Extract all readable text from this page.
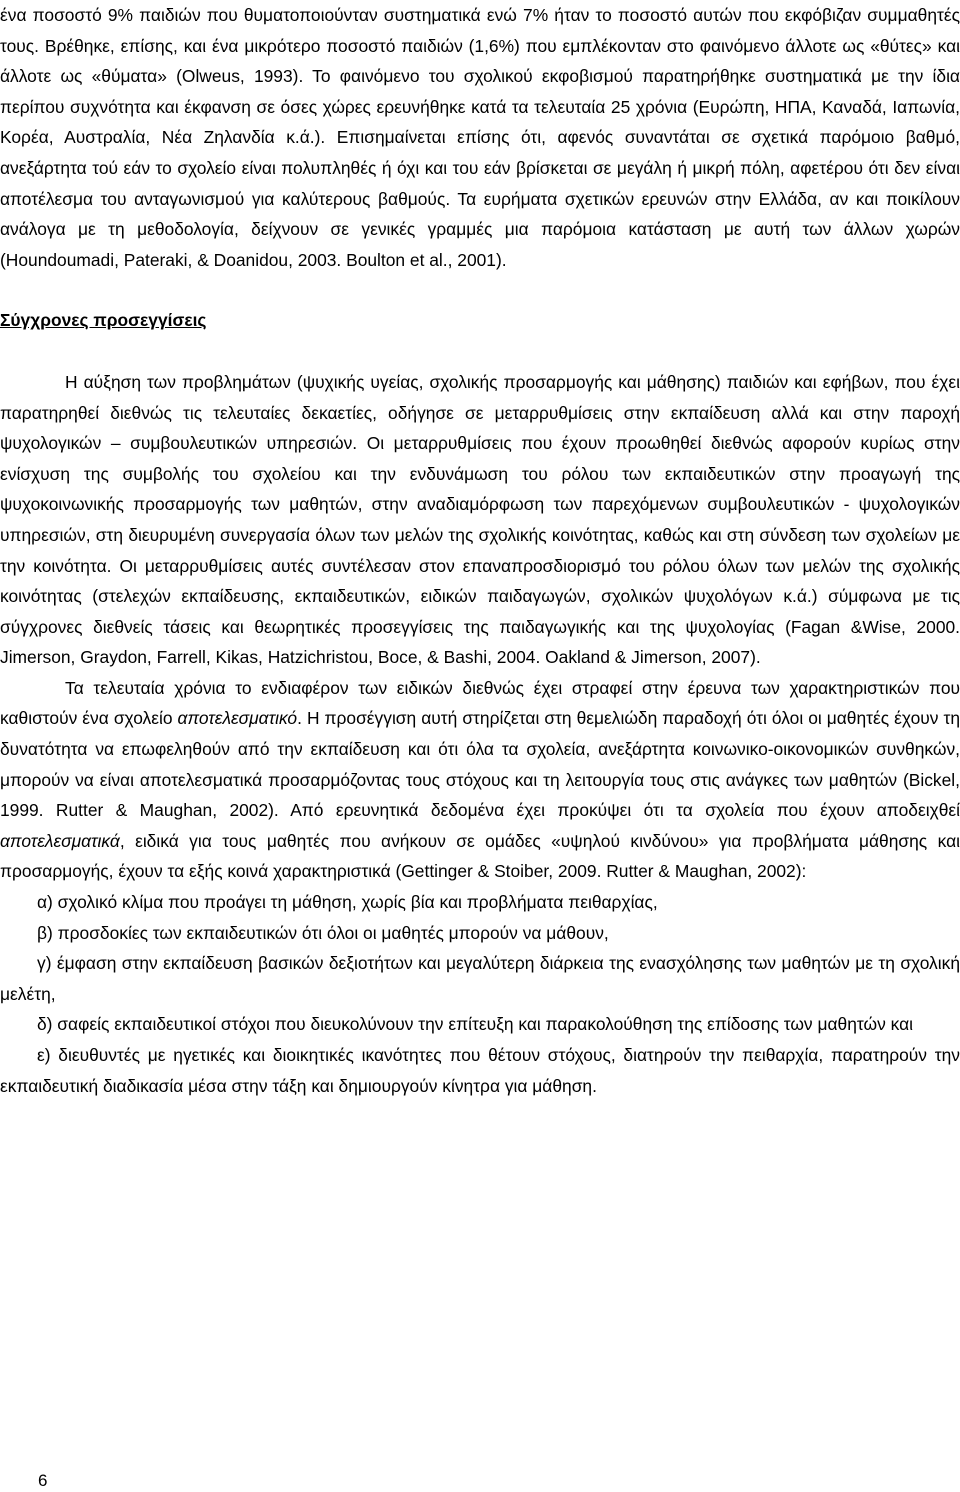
ένα ποσοστό 9% παιδιών που θυματοποιούνταν συστηματικά ενώ 7% ήταν το ποσοστό αυτών που εκφόβιζαν συμμαθητές τους. Βρέθηκε, επίσης, και ένα μικρότερο ποσοστό παιδιών (1,6%) που εμπλέκονταν στο φαινόμενο άλλοτε ως «θύτες» και άλλοτε ως «θύματα» (Olweus, 1993). Το φαινόμενο του σχολικού εκφοβισμού παρατηρήθηκε συστηματικά με την ίδια περίπου συχνότητα και έκφανση σε όσες χώρες ερευνήθηκε κατά τα τελευταία 25 χρόνια (Ευρώπη, ΗΠΑ, Καναδά, Ιαπωνία, Κορέα, Αυστραλία, Νέα Ζηλανδία κ.ά.). Επισημαίνεται επίσης ότι, αφενός συναντάται σε σχετικά παρόμοιο βαθμό, ανεξάρτητα τού εάν το σχολείο είναι πολυπληθές ή όχι και του εάν βρίσκεται σε μεγάλη ή μικρή πόλη, αφετέρου ότι δεν είναι αποτέλεσμα του ανταγωνισμού για καλύτερους βαθμούς. Τα ευρήματα σχετικών ερευνών στην Ελλάδα, αν και ποικίλουν ανάλογα με τη μεθοδολογία, δείχνουν σε γενικές γραμμές μια παρόμοια κατάσταση με αυτή των άλλων χωρών (Houndoumadi, Pateraki, & Doanidou, 2003. Boulton et al., 2001).

Σύγχρονες προσεγγίσεις

Η αύξηση των προβλημάτων (ψυχικής υγείας, σχολικής προσαρμογής και μάθησης) παιδιών και εφήβων, που έχει παρατηρηθεί διεθνώς τις τελευταίες δεκαετίες, οδήγησε σε μεταρρυθμίσεις στην εκπαίδευση αλλά και στην παροχή ψυχολογικών – συμβουλευτικών υπηρεσιών. Οι μεταρρυθμίσεις που έχουν προωθηθεί διεθνώς αφορούν κυρίως στην ενίσχυση της συμβολής του σχολείου και την ενδυνάμωση του ρόλου των εκπαιδευτικών στην προαγωγή της ψυχοκοινωνικής προσαρμογής των μαθητών, στην αναδιαμόρφωση των παρεχόμενων συμβουλευτικών - ψυχολογικών υπηρεσιών, στη διευρυμένη συνεργασία όλων των μελών της σχολικής κοινότητας, καθώς και στη σύνδεση των σχολείων με την κοινότητα. Οι μεταρρυθμίσεις αυτές συντέλεσαν στον επαναπροσδιορισμό του ρόλου όλων των μελών της σχολικής κοινότητας (στελεχών εκπαίδευσης, εκπαιδευτικών, ειδικών παιδαγωγών, σχολικών ψυχολόγων κ.ά.) σύμφωνα με τις σύγχρονες διεθνείς τάσεις και θεωρητικές προσεγγίσεις της παιδαγωγικής και της ψυχολογίας (Fagan &Wise, 2000. Jimerson, Graydon, Farrell, Kikas, Hatzichristou, Boce, & Bashi, 2004. Oakland & Jimerson, 2007).

Τα τελευταία χρόνια το ενδιαφέρον των ειδικών διεθνώς έχει στραφεί στην έρευνα των χαρακτηριστικών που καθιστούν ένα σχολείο αποτελεσματικό. Η προσέγγιση αυτή στηρίζεται στη θεμελιώδη παραδοχή ότι όλοι οι μαθητές έχουν τη δυνατότητα να επωφεληθούν από την εκπαίδευση και ότι όλα τα σχολεία, ανεξάρτητα κοινωνικο-οικονομικών συνθηκών, μπορούν να είναι αποτελεσματικά προσαρμόζοντας τους στόχους και τη λειτουργία τους στις ανάγκες των μαθητών (Bickel, 1999. Rutter & Maughan, 2002). Από ερευνητικά δεδομένα έχει προκύψει ότι τα σχολεία που έχουν αποδειχθεί αποτελεσματικά, ειδικά για τους μαθητές που ανήκουν σε ομάδες «υψηλού κινδύνου» για προβλήματα μάθησης και προσαρμογής, έχουν τα εξής κοινά χαρακτηριστικά (Gettinger & Stoiber, 2009. Rutter & Maughan, 2002):

α) σχολικό κλίμα που προάγει τη μάθηση, χωρίς βία και προβλήματα πειθαρχίας,

β) προσδοκίες των εκπαιδευτικών ότι όλοι οι μαθητές μπορούν να μάθουν,

γ) έμφαση στην εκπαίδευση βασικών δεξιοτήτων και μεγαλύτερη διάρκεια της ενασχόλησης των μαθητών με τη σχολική μελέτη,

δ) σαφείς εκπαιδευτικοί στόχοι που διευκολύνουν την επίτευξη και παρακολούθηση της επίδοσης των μαθητών και

ε) διευθυντές με ηγετικές και διοικητικές ικανότητες που θέτουν στόχους, διατηρούν την πειθαρχία, παρατηρούν την εκπαιδευτική διαδικασία μέσα στην τάξη και δημιουργούν κίνητρα για μάθηση.

6
